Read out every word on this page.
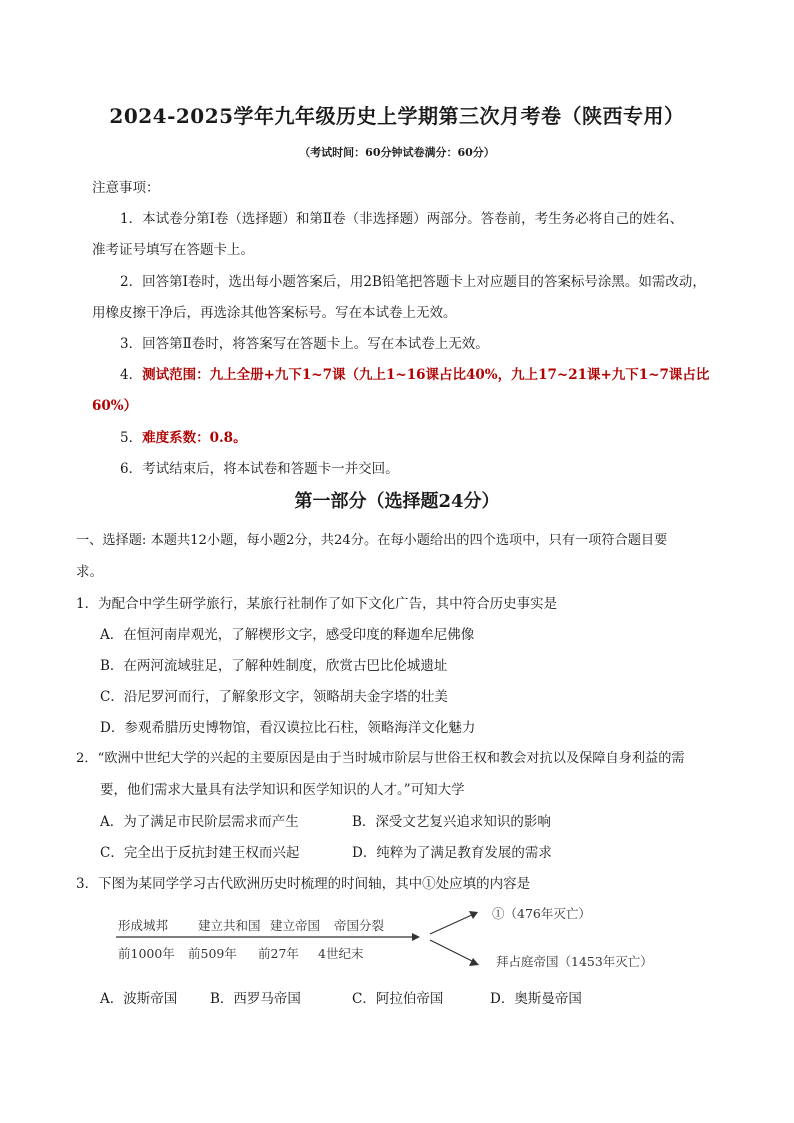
2024-2025学年九年级历史上学期第三次月考卷（陕西专用）
（考试时间：60分钟试卷满分：60分）
注意事项：
1．本试卷分第Ⅰ卷（选择题）和第Ⅱ卷（非选择题）两部分。答卷前，考生务必将自己的姓名、
准考证号填写在答题卡上。
2．回答第Ⅰ卷时，选出每小题答案后，用2B铅笔把答题卡上对应题目的答案标号涂黑。如需改动，
用橡皮擦干净后，再选涂其他答案标号。写在本试卷上无效。
3．回答第Ⅱ卷时，将答案写在答题卡上。写在本试卷上无效。
4．测试范围：九上全册+九下1~7课（九上1~16课占比40%，九上17~21课+九下1~7课占比
60%）
5．难度系数：0.8。
6．考试结束后，将本试卷和答题卡一并交回。
第一部分（选择题24分）
一、选择题: 本题共12小题，每小题2分，共24分。在每小题给出的四个选项中，只有一项符合题目要
求。
1．为配合中学生研学旅行，某旅行社制作了如下文化广告，其中符合历史事实是
A．在恒河南岸观光，了解楔形文字，感受印度的释迦牟尼佛像
B．在两河流域驻足，了解种姓制度，欣赏古巴比伦城遗址
C．沿尼罗河而行，了解象形文字，领略胡夫金字塔的壮美
D．参观希腊历史博物馆，看汉谟拉比石柱，领略海洋文化魅力
2．“欧洲中世纪大学的兴起的主要原因是由于当时城市阶层与世俗王权和教会对抗以及保障自身利益的需
要，他们需求大量具有法学知识和医学知识的人才。”可知大学
A．为了满足市民阶层需求而产生	B．深受文艺复兴追求知识的影响
C．完全出于反抗封建王权而兴起	D．纯粹为了满足教育发展的需求
3．下图为某同学学习古代欧洲历史时梳理的时间轴，其中①处应填的内容是
形成城邦 建立共和国 建立帝国 帝国分裂
前1000年 前509年 前27年 4世纪末
①（476年灭亡）
拜占庭帝国（1453年灭亡）
A．波斯帝国 B．西罗马帝国	C．阿拉伯帝国	D．奥斯曼帝国
